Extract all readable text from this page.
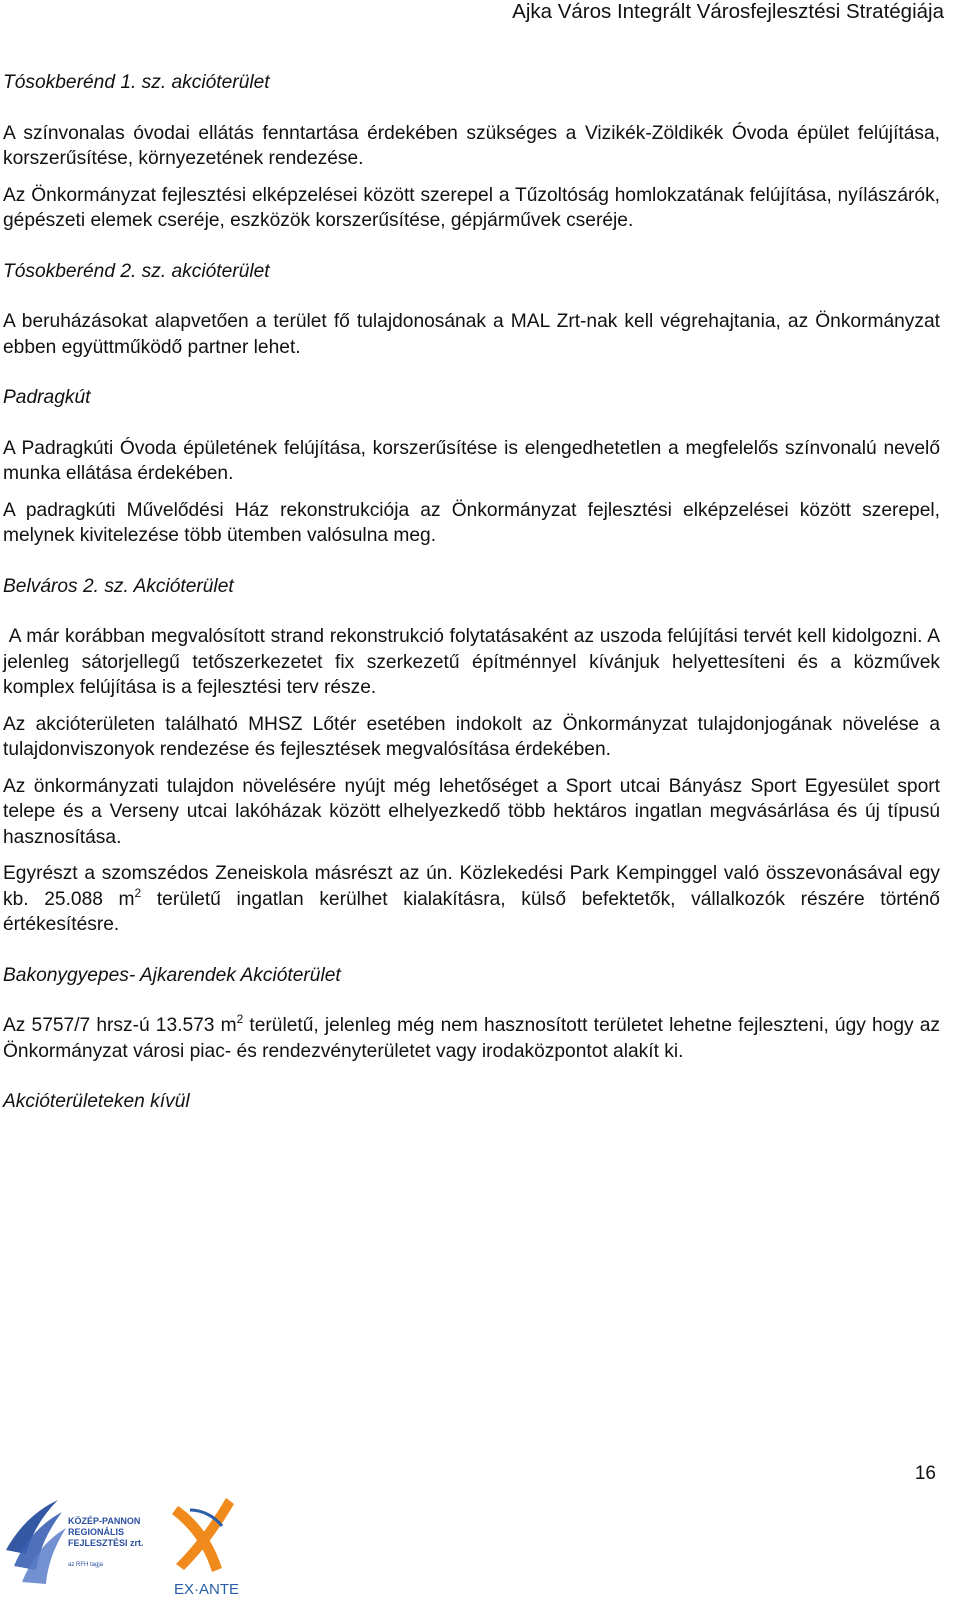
Ajka Város Integrált Városfejlesztési Stratégiája
Tósokberénd 1. sz. akcióterület

A színvonalas óvodai ellátás fenntartása érdekében szükséges a Vizikék-Zöldikék Óvoda épület felújítása, korszerűsítése, környezetének rendezése.

Az Önkormányzat fejlesztési elképzelései között szerepel a Tűzoltóság homlokzatának felújítása, nyílászárók, gépészeti elemek cseréje, eszközök korszerűsítése, gépjárművek cseréje.

Tósokberénd 2. sz. akcióterület

A beruházásokat alapvetően a terület fő tulajdonosának a MAL Zrt-nak kell végrehajtania, az Önkormányzat ebben együttműködő partner lehet.

Padragkút

A Padragkúti Óvoda épületének felújítása, korszerűsítése is elengedhetetlen a megfelelős színvonalú nevelő munka ellátása érdekében.

A padragkúti Művelődési Ház rekonstrukciója az Önkormányzat fejlesztési elképzelései között szerepel, melynek kivitelezése több ütemben valósulna meg.

Belváros 2. sz. Akcióterület

A már korábban megvalósított strand rekonstrukció folytatásaként az uszoda felújítási tervét kell kidolgozni. A jelenleg sátorjellegű tetőszerkezetet fix szerkezetű építménnyel kívánjuk helyettesíteni és a közművek komplex felújítása is a fejlesztési terv része.

Az akcióterületen található MHSZ Lőtér esetében indokolt az Önkormányzat tulajdonjogának növelése a tulajdonviszonyok rendezése és fejlesztések megvalósítása érdekében.

Az önkormányzati tulajdon növelésére nyújt még lehetőséget a Sport utcai Bányász Sport Egyesület sport telepe és a Verseny utcai lakóházak között elhelyezkedő több hektáros ingatlan megvásárlása és új típusú hasznosítása.

Egyrészt a szomszédos Zeneiskola másrészt az ún. Közlekedési Park Kempinggel való összevonásával egy kb. 25.088 $m^2$ területű ingatlan kerülhet kialakításra, külső befektetők, vállalkozók részére történő értékesítésre.

Bakonygyepes- Ajkarendek Akcióterület

Az 5757/7 hrsz-ú 13.573 $m^2$ területű, jelenleg még nem hasznosított területet lehetne fejleszteni, úgy hogy az Önkormányzat városi piac- és rendezvényterületet vagy irodaközpontot alakít ki.

Akcióterületeken kívül
16
KÖZÉP-PANNON
REGIONÁLIS
FEJLESZTÉSI zrt.
az RFH tagja
EX·ANTE
